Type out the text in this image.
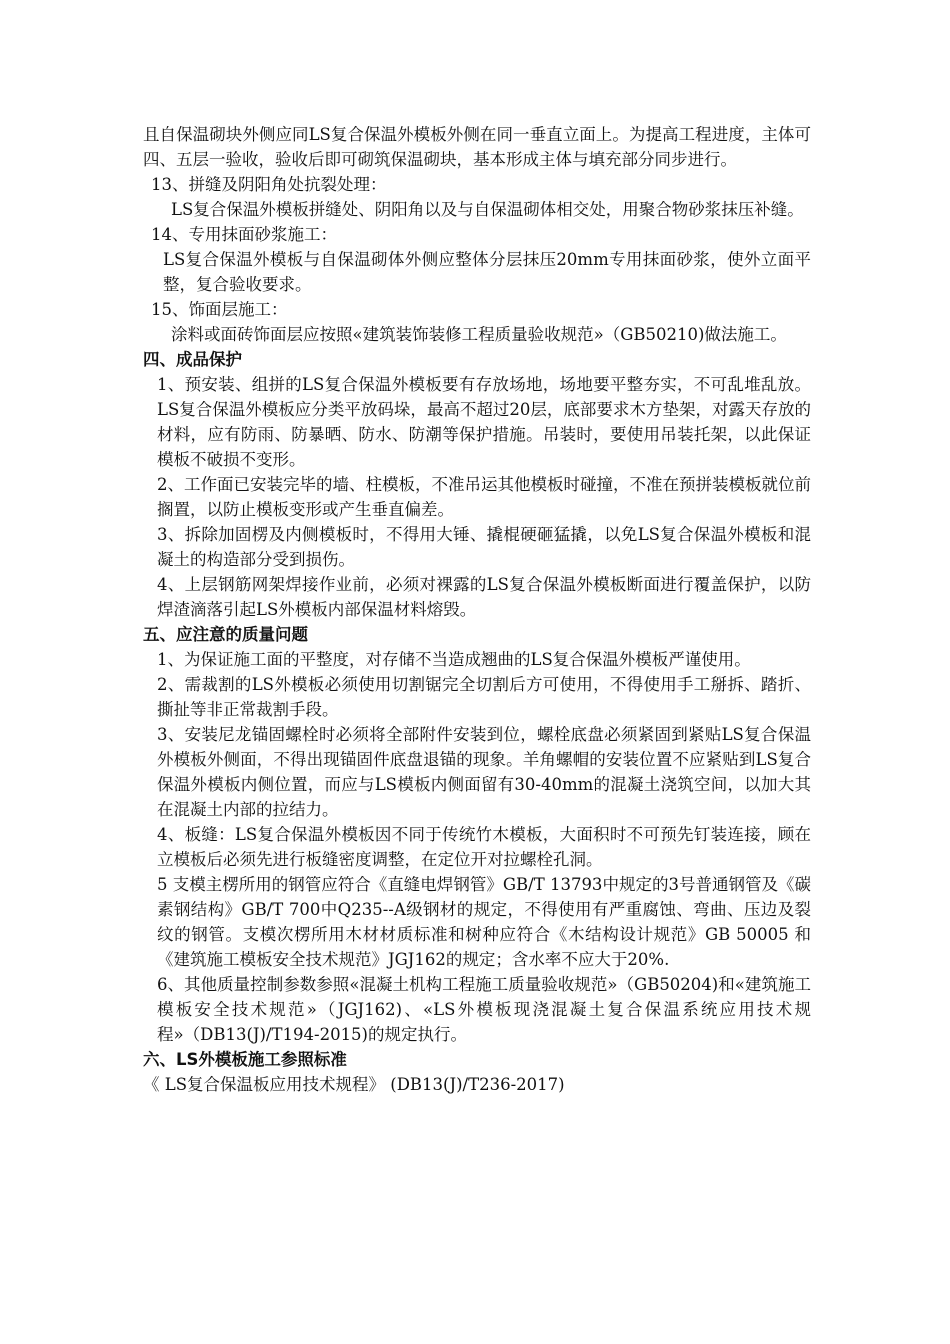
且自保温砌块外侧应同LS复合保温外模板外侧在同一垂直立面上。为提高工程进度，主体可四、五层一验收，验收后即可砌筑保温砌块，基本形成主体与填充部分同步进行。

13、拼缝及阴阳角处抗裂处理：

LS复合保温外模板拼缝处、阴阳角以及与自保温砌体相交处，用聚合物砂浆抹压补缝。

14、专用抹面砂浆施工：

LS复合保温外模板与自保温砌体外侧应整体分层抹压20mm专用抹面砂浆，使外立面平整，复合验收要求。

15、饰面层施工：

涂料或面砖饰面层应按照«建筑装饰装修工程质量验收规范»（GB50210)做法施工。

四、成品保护

1、预安装、组拼的LS复合保温外模板要有存放场地，场地要平整夯实，不可乱堆乱放。LS复合保温外模板应分类平放码垛，最高不超过20层，底部要求木方垫架，对露天存放的材料，应有防雨、防暴晒、防水、防潮等保护措施。吊装时，要使用吊装托架，以此保证模板不破损不变形。

2、工作面已安装完毕的墙、柱模板，不准吊运其他模板时碰撞，不准在预拼装模板就位前搁置，以防止模板变形或产生垂直偏差。

3、拆除加固楞及内侧模板时，不得用大锤、撬棍硬砸猛撬，以免LS复合保温外模板和混凝土的构造部分受到损伤。

4、上层钢筋网架焊接作业前，必须对裸露的LS复合保温外模板断面进行覆盖保护，以防焊渣滴落引起LS外模板内部保温材料熔毁。

五、应注意的质量问题

1、为保证施工面的平整度，对存储不当造成翘曲的LS复合保温外模板严谨使用。

2、需裁割的LS外模板必须使用切割锯完全切割后方可使用，不得使用手工掰拆、踏折、撕扯等非正常裁割手段。

3、安装尼龙锚固螺栓时必须将全部附件安装到位，螺栓底盘必须紧固到紧贴LS复合保温外模板外侧面，不得出现锚固件底盘退锚的现象。羊角螺帽的安装位置不应紧贴到LS复合保温外模板内侧位置，而应与LS模板内侧面留有30-40mm的混凝土浇筑空间，以加大其在混凝土内部的拉结力。

4、板缝：LS复合保温外模板因不同于传统竹木模板，大面积时不可预先钉装连接，顾在立模板后必须先进行板缝密度调整，在定位开对拉螺栓孔洞。

5 支模主楞所用的钢管应符合《直缝电焊钢管》GB/T 13793中规定的3号普通钢管及《碳素钢结构》GB/T 700中Q235--A级钢材的规定，不得使用有严重腐蚀、弯曲、压边及裂纹的钢管。支模次楞所用木材材质标准和树种应符合《木结构设计规范》GB 50005 和《建筑施工模板安全技术规范》JGJ162的规定；含水率不应大于20%.

6、其他质量控制参数参照«混凝土机构工程施工质量验收规范»（GB50204)和«建筑施工模板安全技术规范»（JGJ162)、«LS外模板现浇混凝土复合保温系统应用技术规程»（DB13(J)/T194-2015)的规定执行。

六、LS外模板施工参照标准

《 LS复合保温板应用技术规程》 (DB13(J)/T236-2017)
